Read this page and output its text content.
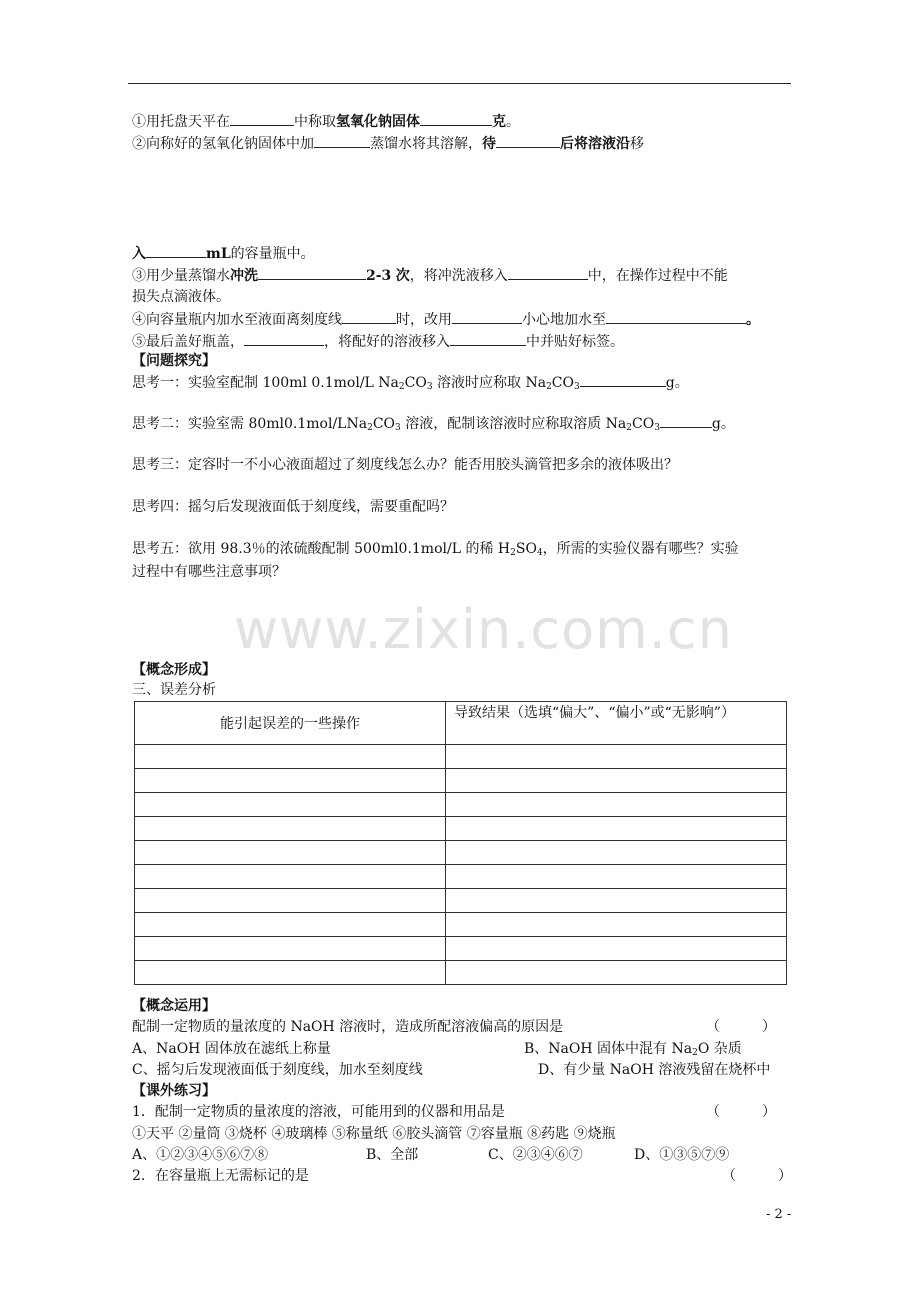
①用托盘天平在	中称取氢氧化钠固体	克。
②向称好的氢氧化钠固体中加	蒸馏水将其溶解，待	后将溶液沿移
入	mL的容量瓶中。
③用少量蒸馏水冲洗	2-3 次，将冲洗液移入	中，在操作过程中不能
损失点滴液体。
④向容量瓶内加水至液面离刻度线	时，改用	小心地加水至	。
⑤最后盖好瓶盖，	，将配好的溶液移入	中并贴好标签。
【问题探究】
思考一：实验室配制 100ml 0.1mol/L $Na_2CO_3$ 溶液时应称取 $Na_2CO_3$	g。
思考二：实验室需 $80ml0.1mol/LNa_2CO_3$ 溶液，配制该溶液时应称取溶质 $Na_2CO_3$	g。
思考三：定容时一不小心液面超过了刻度线怎么办？能否用胶头滴管把多余的液体吸出？
思考四：摇匀后发现液面低于刻度线，需要重配吗？
思考五：欲用 98.3％的浓硫酸配制 500ml0.1mol/L 的稀 $H_2SO_4$，所需的实验仪器有哪些？实验
过程中有哪些注意事项？
www.zixin.com.cn
【概念形成】
三、误差分析
能引起误差的一些操作	导致结果（选填“偏大”、“偏小”或“无影响”）

【概念运用】
配制一定物质的量浓度的 NaOH 溶液时，造成所配溶液偏高的原因是	（　　　）
A、NaOH 固体放在滤纸上称量	B、NaOH 固体中混有 $Na_2O$ 杂质
C、摇匀后发现液面低于刻度线，加水至刻度线	D、有少量 NaOH 溶液残留在烧杯中
【课外练习】
1．配制一定物质的量浓度的溶液，可能用到的仪器和用品是	（　　　）
①天平 ②量筒 ③烧杯 ④玻璃棒 ⑤称量纸 ⑥胶头滴管 ⑦容量瓶 ⑧药匙 ⑨烧瓶
A、①②③④⑤⑥⑦⑧	B、全部	C、②③④⑥⑦	D、①③⑤⑦⑨
2．在容量瓶上无需标记的是	（　　　）
- 2 -
